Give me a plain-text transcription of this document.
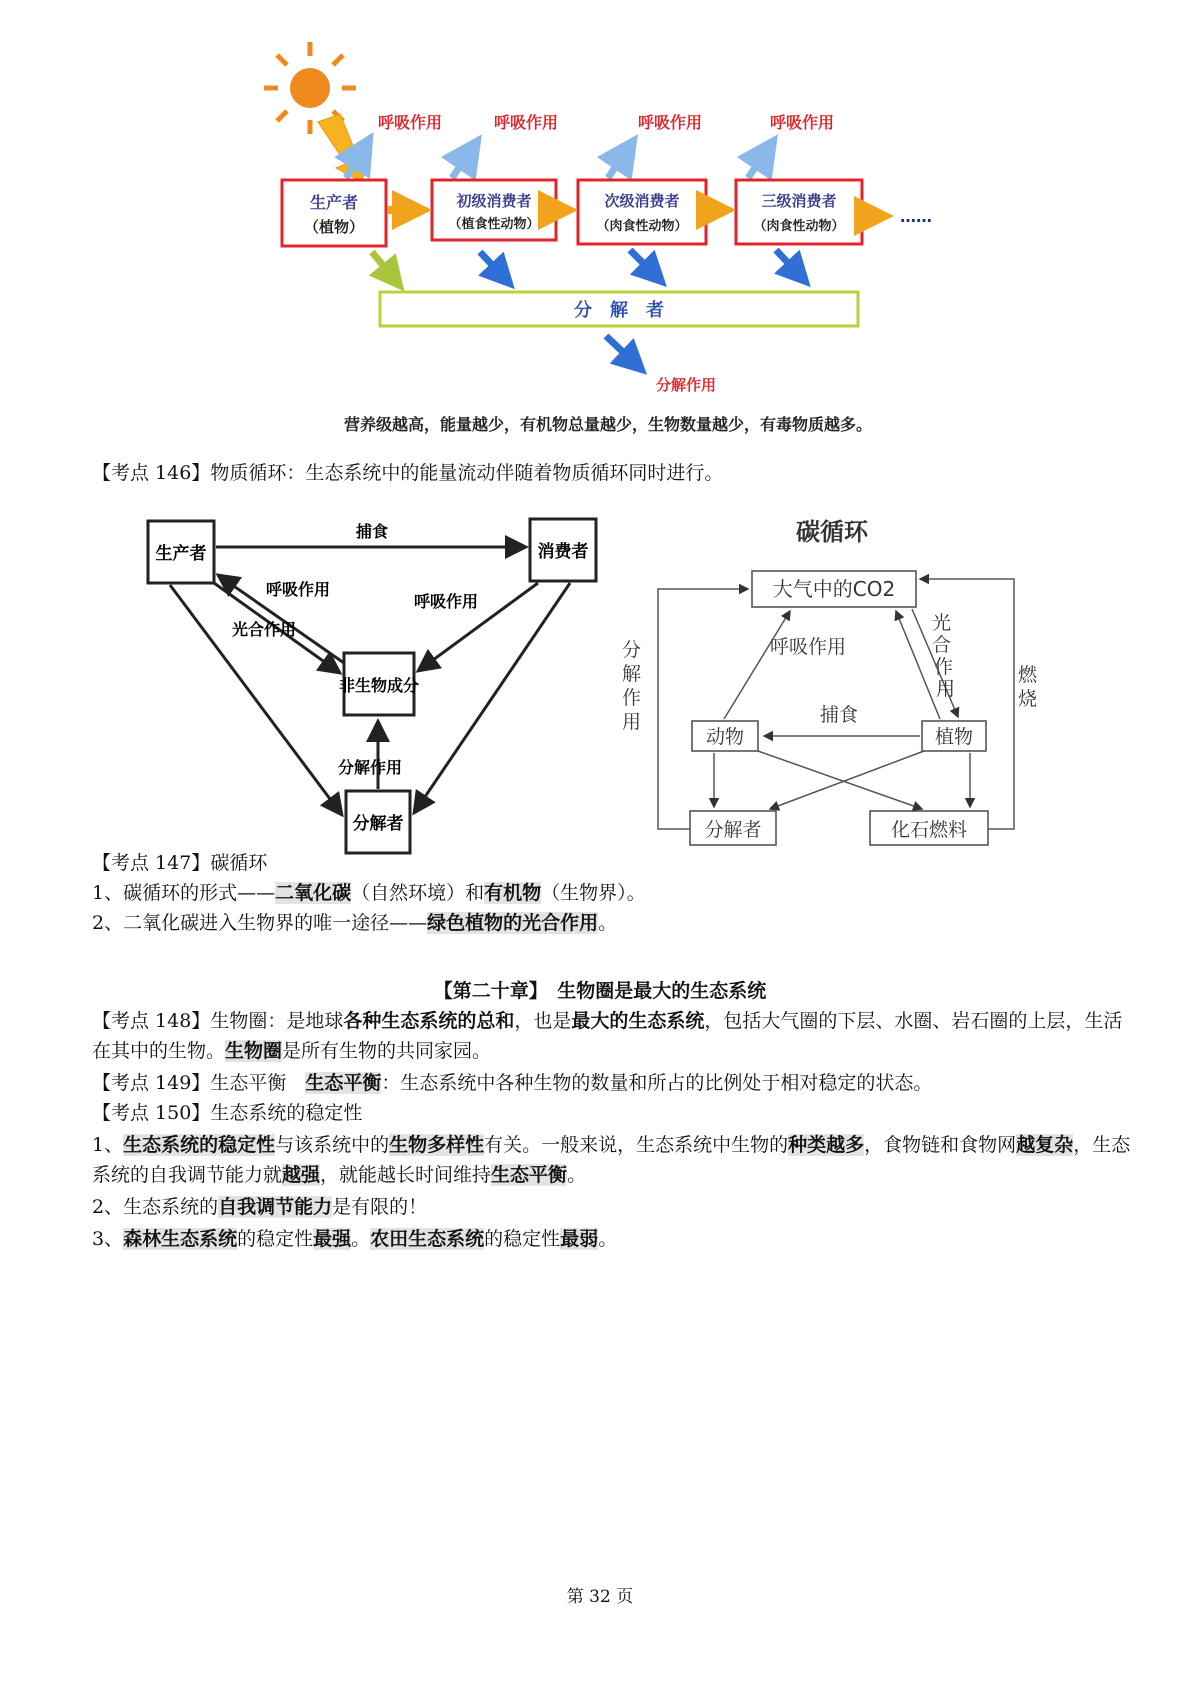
呼吸作用	呼吸作用	呼吸作用	呼吸作用
生产者
（植物）
初级消费者
（植食性动物）
次级消费者
（肉食性动物）
三级消费者
（肉食性动物）
……
分　解　者
分解作用
营养级越高，能量越少，有机物总量越少，生物数量越少，有毒物质越多。
【考点 146】物质循环：生态系统中的能量流动伴随着物质循环同时进行。
生产者	消费者
非生物成分
分解者
捕食
呼吸作用
光合作用
呼吸作用
分解作用
碳循环
大气中的CO2
动物	植物
分解者	化石燃料
呼吸作用
捕食
光
合
作
用
燃
烧
分
解
作
用
【考点 147】碳循环
1、碳循环的形式——二氧化碳（自然环境）和有机物（生物界）。
2、二氧化碳进入生物界的唯一途径——绿色植物的光合作用。
【第二十章】　生物圈是最大的生态系统
【考点 148】生物圈：是地球各种生态系统的总和，也是最大的生态系统，包括大气圈的下层、水圈、岩石圈的上层，生活在其中的生物。生物圈是所有生物的共同家园。
【考点 149】生态平衡　生态平衡：生态系统中各种生物的数量和所占的比例处于相对稳定的状态。
【考点 150】生态系统的稳定性
1、生态系统的稳定性与该系统中的生物多样性有关。一般来说，生态系统中生物的种类越多，食物链和食物网越复杂，生态系统的自我调节能力就越强，就能越长时间维持生态平衡。
2、生态系统的自我调节能力是有限的！
3、森林生态系统的稳定性最强。农田生态系统的稳定性最弱。
第 32 页
